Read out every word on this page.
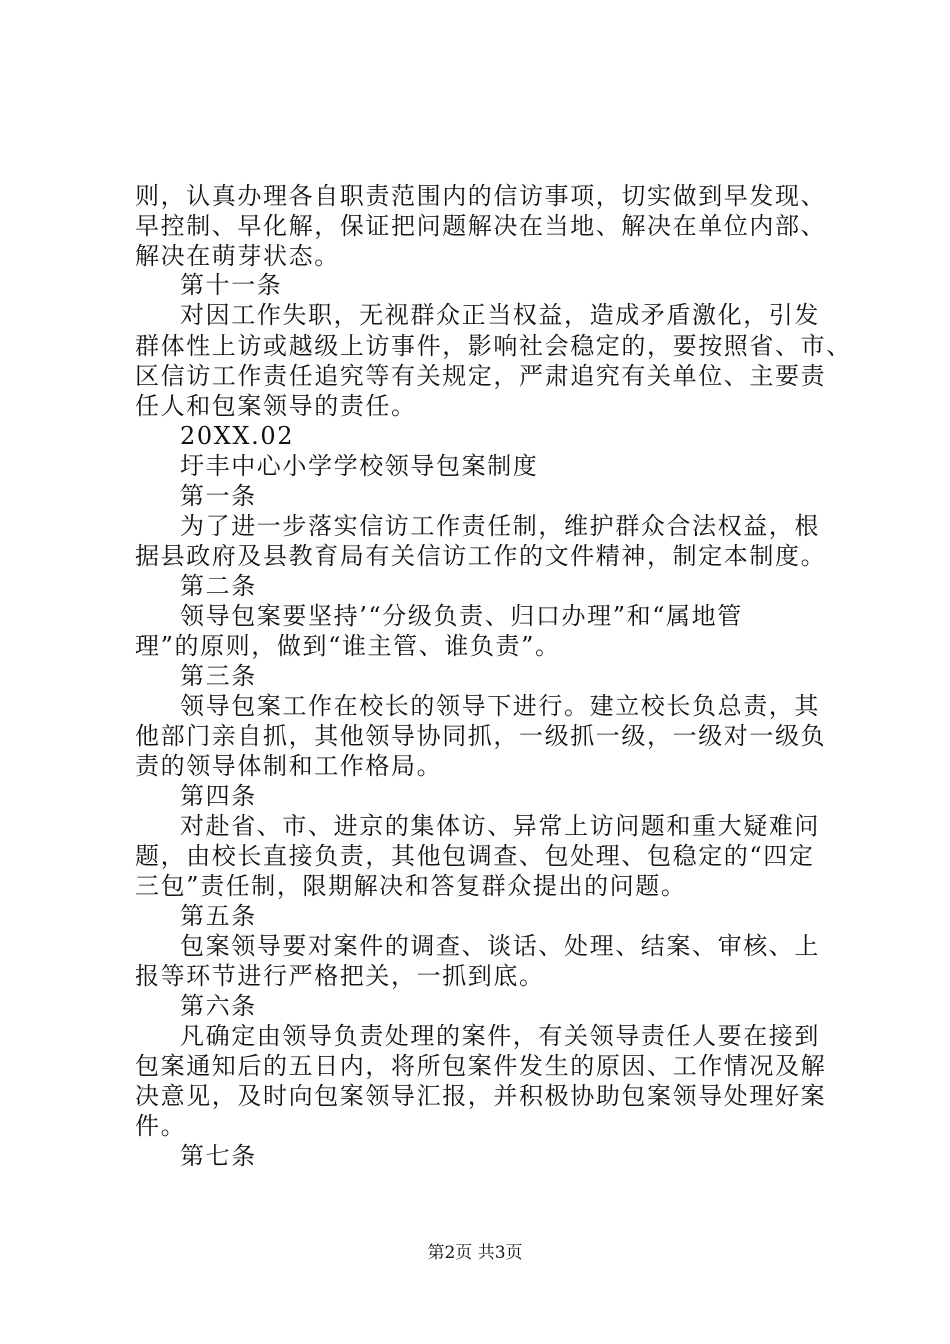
则，认真办理各自职责范围内的信访事项，切实做到早发现、
早控制、早化解，保证把问题解决在当地、解决在单位内部、
解决在萌芽状态。
第十一条
对因工作失职，无视群众正当权益，造成矛盾激化，引发
群体性上访或越级上访事件，影响社会稳定的，要按照省、市、
区信访工作责任追究等有关规定，严肃追究有关单位、主要责
任人和包案领导的责任。
20XX.02
圩丰中心小学学校领导包案制度
第一条
为了进一步落实信访工作责任制，维护群众合法权益，根
据县政府及县教育局有关信访工作的文件精神，制定本制度。
第二条
领导包案要坚持’“分级负责、归口办理”和“属地管
理”的原则，做到“谁主管、谁负责”。
第三条
领导包案工作在校长的领导下进行。建立校长负总责，其
他部门亲自抓，其他领导协同抓，一级抓一级，一级对一级负
责的领导体制和工作格局。
第四条
对赴省、市、进京的集体访、异常上访问题和重大疑难问
题，由校长直接负责，其他包调查、包处理、包稳定的“四定
三包”责任制，限期解决和答复群众提出的问题。
第五条
包案领导要对案件的调查、谈话、处理、结案、审核、上
报等环节进行严格把关，一抓到底。
第六条
凡确定由领导负责处理的案件，有关领导责任人要在接到
包案通知后的五日内，将所包案件发生的原因、工作情况及解
决意见，及时向包案领导汇报，并积极协助包案领导处理好案
件。
第七条
第2页 共3页
